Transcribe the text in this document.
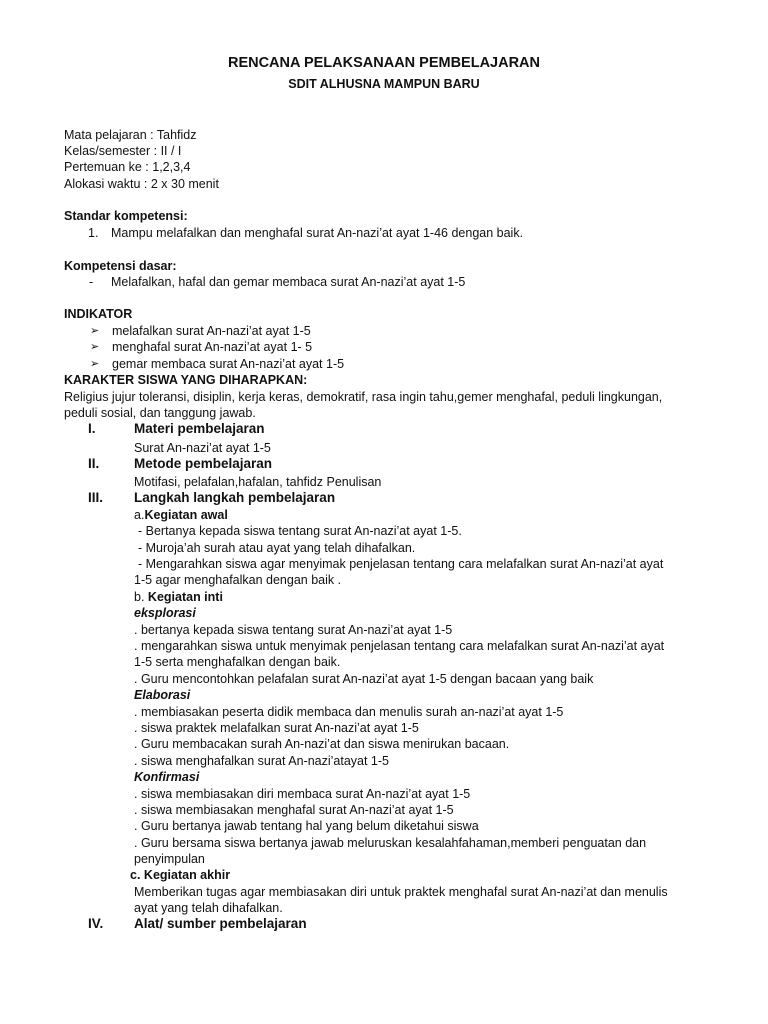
RENCANA PELAKSANAAN PEMBELAJARAN
SDIT ALHUSNA MAMPUN BARU
Mata pelajaran : Tahfidz
Kelas/semester : II / I
Pertemuan ke : 1,2,3,4
Alokasi waktu : 2 x 30 menit
Standar kompetensi:
1. Mampu melafalkan dan menghafal surat An-nazi’at ayat 1-46 dengan baik.
Kompetensi dasar:
- Melafalkan, hafal dan gemar membaca surat An-nazi’at ayat 1-5
INDIKATOR
➢ melafalkan surat An-nazi’at ayat 1-5
➢ menghafal surat An-nazi’at ayat 1- 5
➢ gemar membaca surat An-nazi’at ayat 1-5
KARAKTER SISWA YANG DIHARAPKAN:
Religius jujur toleransi, disiplin, kerja keras, demokratif, rasa ingin tahu,gemer menghafal, peduli lingkungan,
peduli sosial, dan tanggung jawab.
I.	Materi pembelajaran
Surat An-nazi’at ayat 1-5
II.	Metode pembelajaran
Motifasi, pelafalan,hafalan, tahfidz Penulisan
III. Langkah langkah pembelajaran
a.Kegiatan awal
- Bertanya kepada siswa tentang surat An-nazi’at ayat 1-5.
- Muroja’ah surah atau ayat yang telah dihafalkan.
- Mengarahkan siswa agar menyimak penjelasan tentang cara melafalkan surat An-nazi’at ayat
1-5 agar menghafalkan dengan baik .
b. Kegiatan inti
eksplorasi
. bertanya kepada siswa tentang surat An-nazi’at ayat 1-5
. mengarahkan siswa untuk menyimak penjelasan tentang cara melafalkan surat An-nazi’at ayat
1-5 serta menghafalkan dengan baik.
. Guru mencontohkan pelafalan surat An-nazi’at ayat 1-5 dengan bacaan yang baik
Elaborasi
. membiasakan peserta didik membaca dan menulis surah an-nazi’at ayat 1-5
. siswa praktek melafalkan surat An-nazi’at ayat 1-5
. Guru membacakan surah An-nazi’at dan siswa menirukan bacaan.
. siswa menghafalkan surat An-nazi’atayat 1-5
Konfirmasi
. siswa membiasakan diri membaca surat An-nazi’at ayat 1-5
. siswa membiasakan menghafal surat An-nazi’at ayat 1-5
. Guru bertanya jawab tentang hal yang belum diketahui siswa
. Guru bersama siswa bertanya jawab meluruskan kesalahfahaman,memberi penguatan dan
penyimpulan
c. Kegiatan akhir
Memberikan tugas agar membiasakan diri untuk praktek menghafal surat An-nazi’at dan menulis
ayat yang telah dihafalkan.
IV. Alat/ sumber pembelajaran
